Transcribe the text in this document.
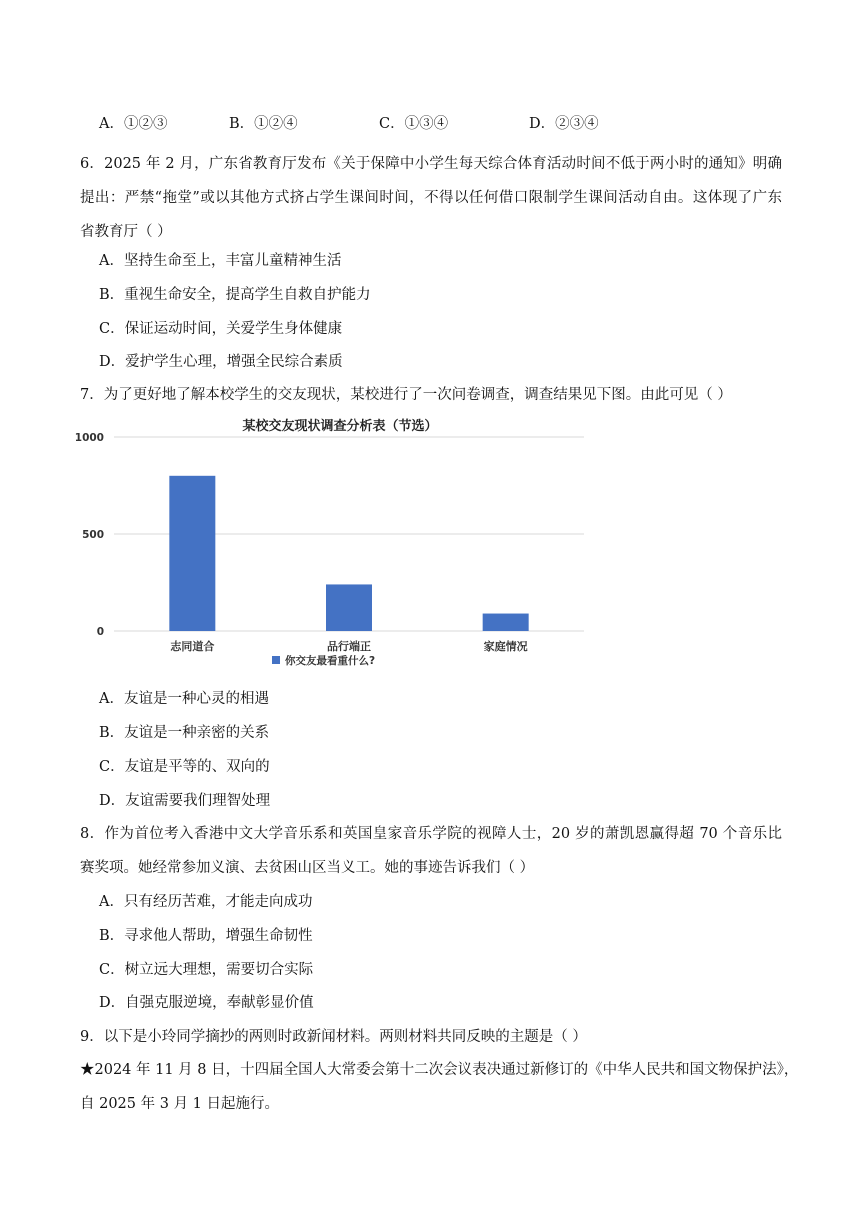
A．①②③	B．①②④	C．①③④	D．②③④
6．2025 年 2 月，广东省教育厅发布《关于保障中小学生每天综合体育活动时间不低于两小时的通知》明确
提出：严禁“拖堂”或以其他方式挤占学生课间时间，不得以任何借口限制学生课间活动自由。这体现了广东
省教育厅（ ）
A．坚持生命至上，丰富儿童精神生活
B．重视生命安全，提高学生自救自护能力
C．保证运动时间，关爱学生身体健康
D．爱护学生心理，增强全民综合素质
7．为了更好地了解本校学生的交友现状，某校进行了一次问卷调查，调查结果见下图。由此可见（ ）
某校交友现状调查分析表（节选）
0
500
1000
志同道合	品行端正	家庭情况
你交友最看重什么?
A．友谊是一种心灵的相遇
B．友谊是一种亲密的关系
C．友谊是平等的、双向的
D．友谊需要我们理智处理
8．作为首位考入香港中文大学音乐系和英国皇家音乐学院的视障人士，20 岁的萧凯恩赢得超 70 个音乐比
赛奖项。她经常参加义演、去贫困山区当义工。她的事迹告诉我们（ ）
A．只有经历苦难，才能走向成功
B．寻求他人帮助，增强生命韧性
C．树立远大理想，需要切合实际
D．自强克服逆境，奉献彰显价值
9．以下是小玲同学摘抄的两则时政新闻材料。两则材料共同反映的主题是（ ）
★2024 年 11 月 8 日，十四届全国人大常委会第十二次会议表决通过新修订的《中华人民共和国文物保护法》，
自 2025 年 3 月 1 日起施行。
